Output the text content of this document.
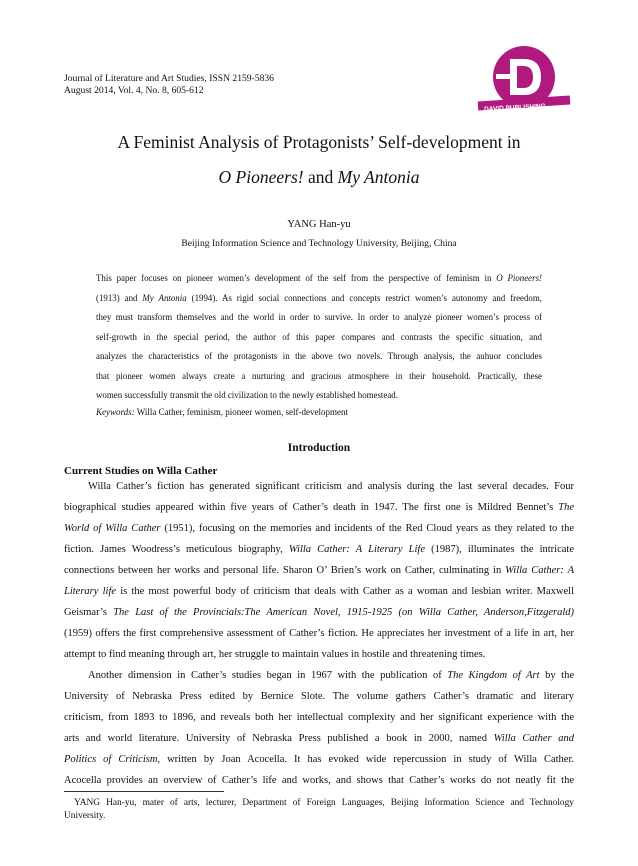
Journal of Literature and Art Studies, ISSN 2159-5836
August 2014, Vol. 4, No. 8, 605-612
DAVID PUBLISHING
A Feminist Analysis of Protagonists’ Self-development in
O Pioneers! and My Antonia
YANG Han-yu
Beijing Information Science and Technology University, Beijing, China
This paper focuses on pioneer women’s development of the self from the perspective of feminism in O Pioneers!
(1913) and My Antonia (1994). As rigid social connections and concepts restrict women’s autonomy and freedom,
they must transform themselves and the world in order to survive. In order to analyze pioneer women’s process of
self-growth in the special period, the author of this paper compares and contrasts the specific situation, and
analyzes the characteristics of the protagonists in the above two novels. Through analysis, the auhuor concludes
that pioneer women always create a nurturing and gracious atmosphere in their household. Practically, these
women successfully transmit the old civilization to the newly established homestead.
Keywords: Willa Cather, feminism, pioneer women, self-development
Introduction
Current Studies on Willa Cather
Willa Cather’s fiction has generated significant criticism and analysis during the last several decades. Four
biographical studies appeared within five years of Cather’s death in 1947. The first one is Mildred Bennet’s The
World of Willa Cather (1951), focusing on the memories and incidents of the Red Cloud years as they related to the
fiction. James Woodress’s meticulous biography, Willa Cather: A Literary Life (1987), illuminates the intricate
connections between her works and personal life. Sharon O’ Brien’s work on Cather, culminating in Willa Cather: A
Literary life is the most powerful body of criticism that deals with Cather as a woman and lesbian writer. Maxwell
Geismar’s The Last of the Provincials:The American Novel, 1915-1925 (on Willa Cather, Anderson,Fitzgerald)
(1959) offers the first comprehensive assessment of Cather’s fiction. He appreciates her investment of a life in art, her
attempt to find meaning through art, her struggle to maintain values in hostile and threatening times.
Another dimension in Cather’s studies began in 1967 with the publication of The Kingdom of Art by the
University of Nebraska Press edited by Bernice Slote. The volume gathers Cather’s dramatic and literary
criticism, from 1893 to 1896, and reveals both her intellectual complexity and her significant experience with the
arts and world literature. University of Nebraska Press published a book in 2000, named Willa Cather and
Politics of Criticism, written by Joan Acocella. It has evoked wide repercussion in study of Willa Cather.
Acocella provides an overview of Cather’s life and works, and shows that Cather’s works do not neatly fit the
YANG Han-yu, mater of arts, lecturer, Department of Foreign Languages, Beijing Information Science and Technology
University.
